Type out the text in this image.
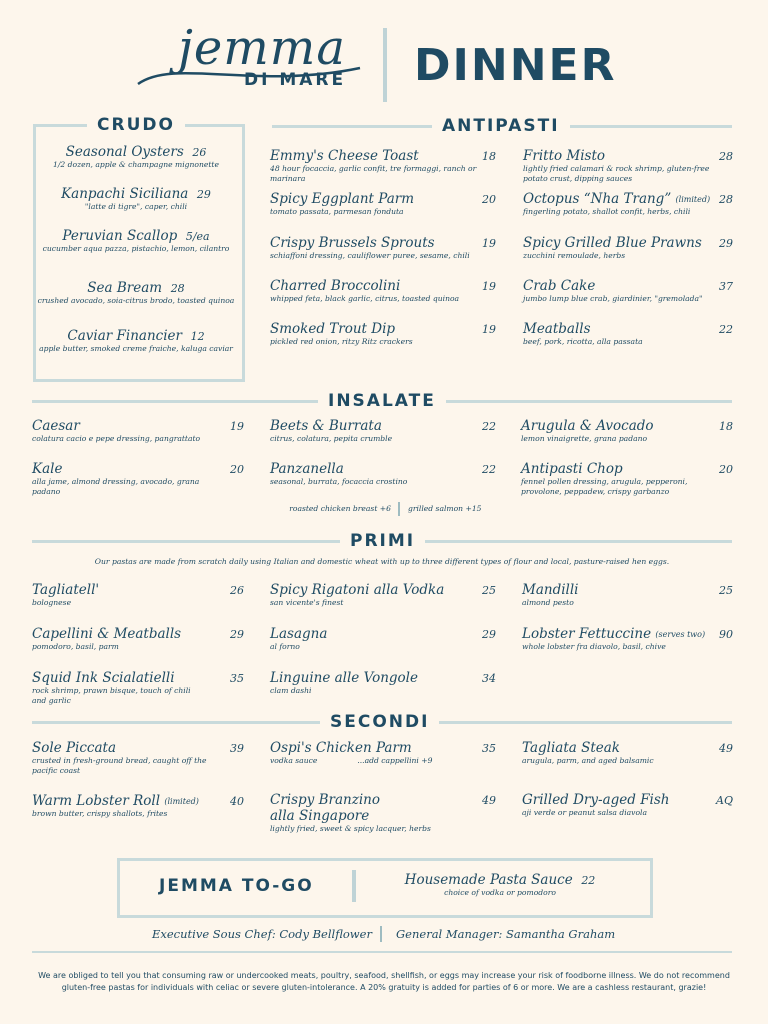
jemma
DI MARE DINNER
CRUDO
Seasonal Oysters 26
1/2 dozen, apple & champagne mignonette
Kanpachi Siciliana 29
"latte di tigre", caper, chili
Peruvian Scallop 5/ea
cucumber aqua pazza, pistachio, lemon, cilantro
Sea Bream 28
crushed avocado, soia-citrus brodo, toasted quinoa
Caviar Financier 12
apple butter, smoked creme fraiche, kaluga caviar
ANTIPASTI
Emmy's Cheese Toast	18
48 hour focaccia, garlic confit, tre formaggi, ranch or marinara
Spicy Eggplant Parm	20
tomato passata, parmesan fonduta
Crispy Brussels Sprouts	19
schiaffoni dressing, cauliflower puree, sesame, chili
Charred Broccolini	19
whipped feta, black garlic, citrus, toasted quinoa
Smoked Trout Dip	19
pickled red onion, ritzy Ritz crackers
Fritto Misto	28
lightly fried calamari & rock shrimp, gluten-free potato crust, dipping sauces
Octopus “Nha Trang” (limited) 28
fingerling potato, shallot confit, herbs, chili
Spicy Grilled Blue Prawns	29
zucchini remoulade, herbs
Crab Cake	37
jumbo lump blue crab, giardinier, "gremolada"
Meatballs	22
beef, pork, ricotta, alla passata
INSALATE
Caesar	19
colatura cacio e pepe dressing, pangrattato
Kale	20
alla jame, almond dressing, avocado, grana padano
Beets & Burrata	22
citrus, colatura, pepita crumble
Panzanella	22
seasonal, burrata, focaccia crostino
Arugula & Avocado	18
lemon vinaigrette, grana padano
Antipasti Chop	20
fennel pollen dressing, arugula, pepperoni, provolone, peppadew, crispy garbanzo
roasted chicken breast +6 grilled salmon +15
PRIMI
Our pastas are made from scratch daily using Italian and domestic wheat with up to three different types of flour and local, pasture-raised hen eggs.
Tagliatell'	26
bolognese
Capellini & Meatballs	29
pomodoro, basil, parm
Squid Ink Scialatielli	35
rock shrimp, prawn bisque, touch of chili and garlic
Spicy Rigatoni alla Vodka	25
san vicente's finest
Lasagna	29
al forno
Linguine alle Vongole	34
clam dashi
Mandilli	25
almond pesto
Lobster Fettuccine (serves two)	90
whole lobster fra diavolo, basil, chive
SECONDI
Sole Piccata	39
crusted in fresh-ground bread, caught off the pacific coast
Warm Lobster Roll (limited)	40
brown butter, crispy shallots, frites
Ospi's Chicken Parm	35
vodka sauce	...add cappellini +9
Crispy Branzino
alla Singapore
49
lightly fried, sweet & spicy lacquer, herbs
Tagliata Steak	49
arugula, parm, and aged balsamic
Grilled Dry-aged Fish	AQ
aji verde or peanut salsa diavola
JEMMA TO-GO	Housemade Pasta Sauce 22
choice of vodka or pomodoro
Executive Sous Chef: Cody Bellflower General Manager: Samantha Graham
We are obliged to tell you that consuming raw or undercooked meats, poultry, seafood, shellfish, or eggs may increase your risk of foodborne illness. We do not recommend gluten-free pastas for individuals with celiac or severe gluten-intolerance. A 20% gratuity is added for parties of 6 or more. We are a cashless restaurant, grazie!
